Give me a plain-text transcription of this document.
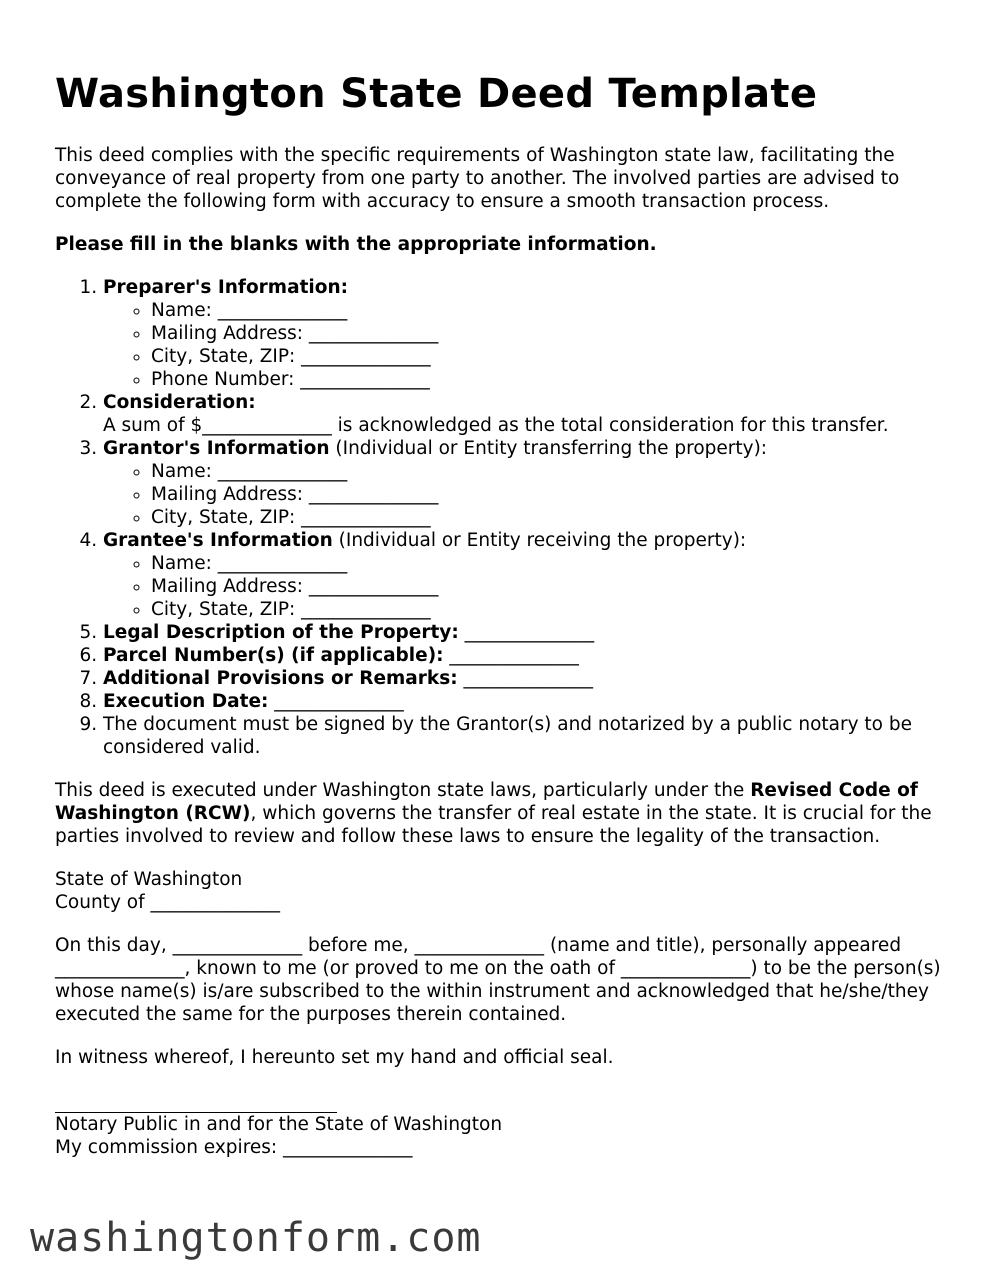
Washington State Deed Template

This deed complies with the specific requirements of Washington state law, facilitating the conveyance of real property from one party to another. The involved parties are advised to complete the following form with accuracy to ensure a smooth transaction process.

Please fill in the blanks with the appropriate information.

1. Preparer's Information:
◦ Name: ______________
◦ Mailing Address: ______________
◦ City, State, ZIP: ______________
◦ Phone Number: ______________
2. Consideration:
A sum of $______________ is acknowledged as the total consideration for this transfer.
3. Grantor's Information (Individual or Entity transferring the property):
◦ Name: ______________
◦ Mailing Address: ______________
◦ City, State, ZIP: ______________
4. Grantee's Information (Individual or Entity receiving the property):
◦ Name: ______________
◦ Mailing Address: ______________
◦ City, State, ZIP: ______________
5. Legal Description of the Property: ______________
6. Parcel Number(s) (if applicable): ______________
7. Additional Provisions or Remarks: ______________
8. Execution Date: ______________
9. The document must be signed by the Grantor(s) and notarized by a public notary to be considered valid.

This deed is executed under Washington state laws, particularly under the Revised Code of Washington (RCW), which governs the transfer of real estate in the state. It is crucial for the parties involved to review and follow these laws to ensure the legality of the transaction.

State of Washington
County of ______________

On this day, ______________ before me, ______________ (name and title), personally appeared ______________, known to me (or proved to me on the oath of ______________) to be the person(s) whose name(s) is/are subscribed to the within instrument and acknowledged that he/she/they executed the same for the purposes therein contained.

In witness whereof, I hereunto set my hand and official seal.

Notary Public in and for the State of Washington
My commission expires: ______________
washingtonform.com
